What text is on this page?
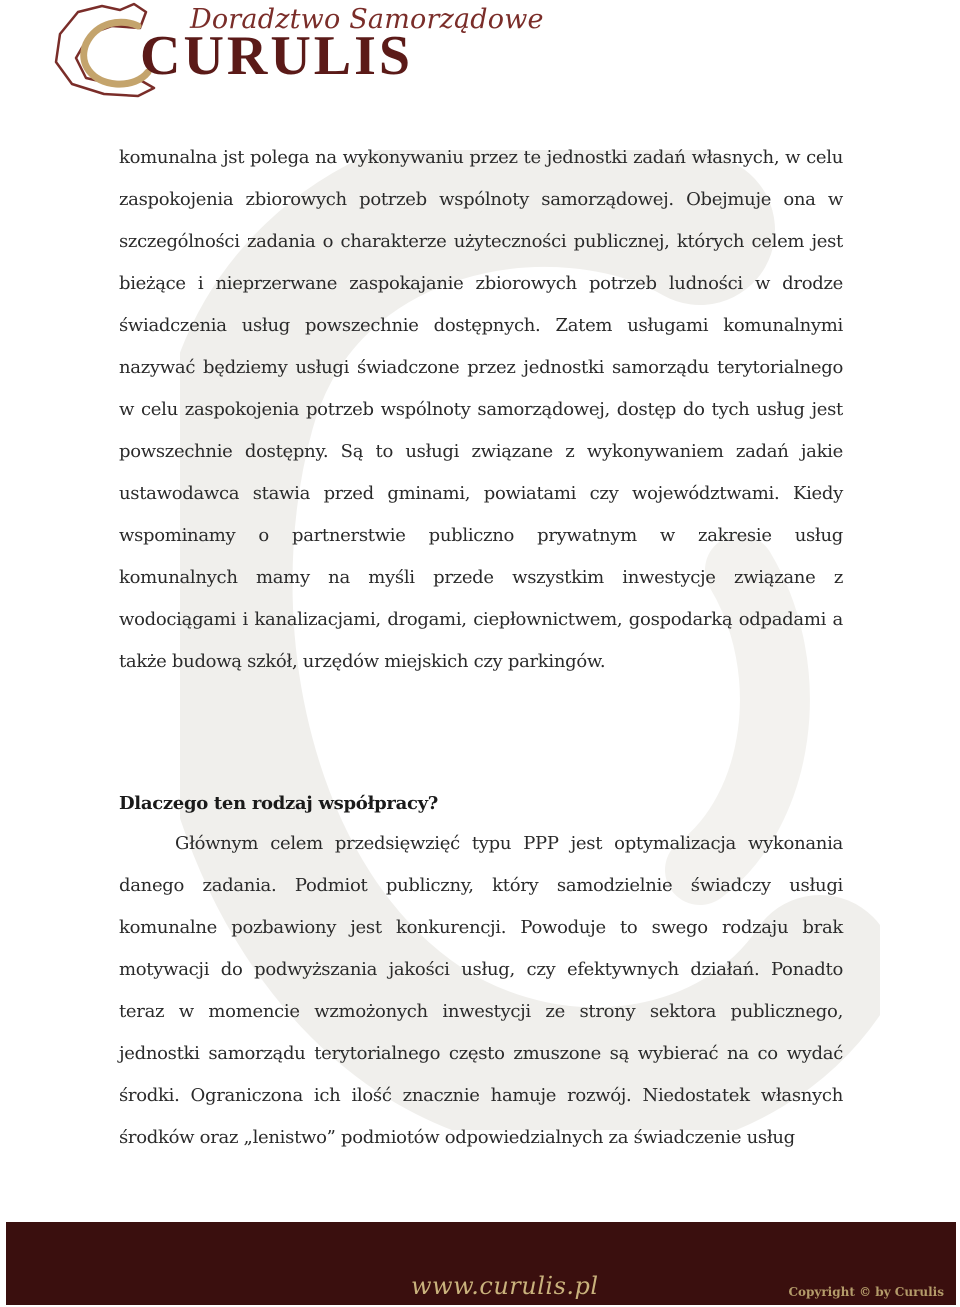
Doradztwo Samorządowe
CURULIS

komunalna jst polega na wykonywaniu przez te jednostki zadań własnych, w celu zaspokojenia zbiorowych potrzeb wspólnoty samorządowej. Obejmuje ona w szczególności zadania o charakterze użyteczności publicznej, których celem jest bieżące i nieprzerwane zaspokajanie zbiorowych potrzeb ludności w drodze świadczenia usług powszechnie dostępnych. Zatem usługami komunalnymi nazywać będziemy usługi świadczone przez jednostki samorządu terytorialnego w celu zaspokojenia potrzeb wspólnoty samorządowej, dostęp do tych usług jest powszechnie dostępny. Są to usługi związane z wykonywaniem zadań jakie ustawodawca stawia przed gminami, powiatami czy województwami. Kiedy wspominamy o partnerstwie publiczno prywatnym w zakresie usług komunalnych mamy na myśli przede wszystkim inwestycje związane z wodociągami i kanalizacjami, drogami, ciepłownictwem, gospodarką odpadami a także budową szkół, urzędów miejskich czy parkingów.

Dlaczego ten rodzaj współpracy?

Głównym celem przedsięwzięć typu PPP jest optymalizacja wykonania danego zadania. Podmiot publiczny, który samodzielnie świadczy usługi komunalne pozbawiony jest konkurencji. Powoduje to swego rodzaju brak motywacji do podwyższania jakości usług, czy efektywnych działań. Ponadto teraz w momencie wzmożonych inwestycji ze strony sektora publicznego, jednostki samorządu terytorialnego często zmuszone są wybierać na co wydać środki. Ograniczona ich ilość znacznie hamuje rozwój. Niedostatek własnych środków oraz „lenistwo” podmiotów odpowiedzialnych za świadczenie usług

www.curulis.pl	Copyright © by Curulis
